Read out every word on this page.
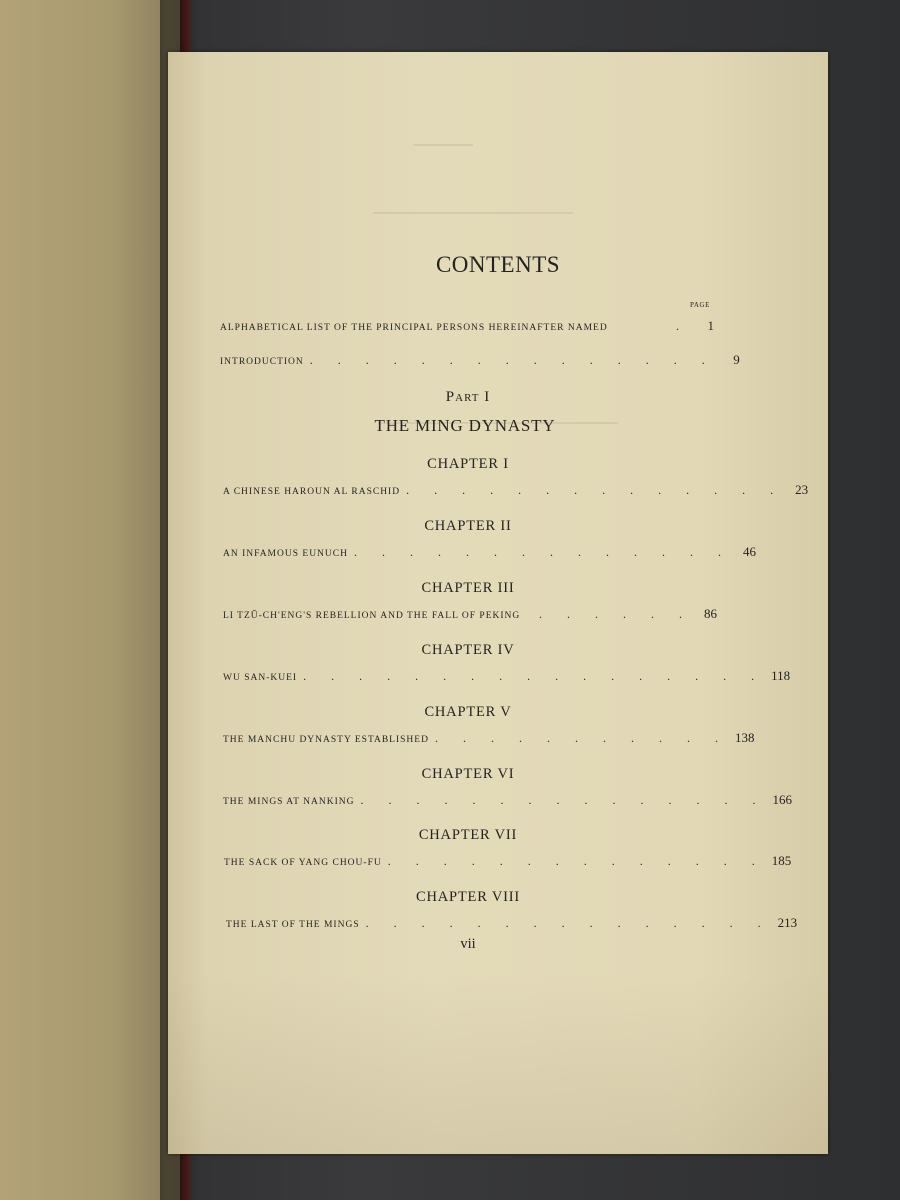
CONTENTS
PAGE
ALPHABETICAL LIST OF THE PRINCIPAL PERSONS HEREINAFTER NAMED	.	1
INTRODUCTION . . . . . . . . . . . . . . .	9
PART I
THE MING DYNASTY
CHAPTER I
A CHINESE HAROUN AL RASCHID . . . . . . . . . . . . . . 23
CHAPTER II
AN INFAMOUS EUNUCH . . . . . . . . . . . . . . 46
CHAPTER III
LI TZŬ-CH'ENG'S REBELLION AND THE FALL OF PEKING	. . . . . . 86
CHAPTER IV
WU SAN-KUEI . . . . . . . . . . . . . . . . . 118
CHAPTER V
THE MANCHU DYNASTY ESTABLISHED . . . . . . . . . . . 138
CHAPTER VI
THE MINGS AT NANKING . . . . . . . . . . . . . . . 166
CHAPTER VII
THE SACK OF YANG CHOU-FU . . . . . . . . . . . . . . 185
CHAPTER VIII
THE LAST OF THE MINGS . . . . . . . . . . . . . . . 213
vii
